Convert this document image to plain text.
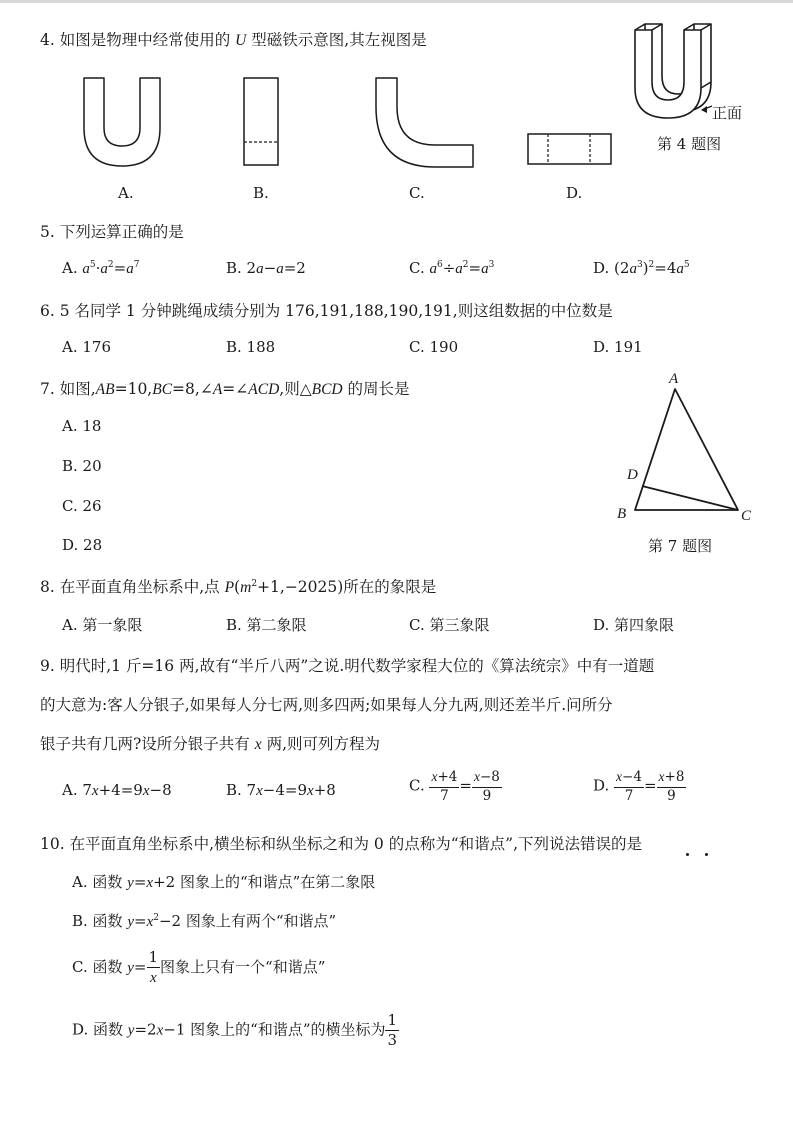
4. 如图是物理中经常使用的 U 型磁铁示意图,其左视图是
正面
第 4 题图
A.	B.	C.	D.
5. 下列运算正确的是
A. $a^5\cdot a^2=a^7$	B. 2a−a=2	C. $a^6\div a^2=a^3$	D. $(2a^3)^2=4a^5$
6. 5 名同学 1 分钟跳绳成绩分别为 176,191,188,190,191,则这组数据的中位数是
A. 176	B. 188	C. 190	D. 191
7. 如图,AB=10,BC=8,∠A=∠ACD,则△BCD 的周长是
A. 18
B. 20
C. 26
D. 28
A
D
B	C
第 7 题图
8. 在平面直角坐标系中,点 $P(m^2+1,-2025)$所在的象限是
A. 第一象限	B. 第二象限	C. 第三象限	D. 第四象限
9. 明代时,1 斤=16 两,故有“半斤八两”之说.明代数学家程大位的《算法统宗》中有一道题
的大意为:客人分银子,如果每人分七两,则多四两;如果每人分九两,则还差半斤.问所分
银子共有几两?设所分银子共有 x 两,则可列方程为
A. 7x+4=9x−8	B. 7x−4=9x+8	C. $\frac{x+4}{7} = \frac{x-8}{9}$	D. $\frac{x-4}{7} = \frac{x+8}{9}$
10. 在平面直角坐标系中,横坐标和纵坐标之和为 0 的点称为“和谐点”,下列说法错误的是
A. 函数 y=x+2 图象上的“和谐点”在第二象限
B. 函数 $y=x^2-2$ 图象上有两个“和谐点”
C. 函数 $y= \frac{1}{x}$ 图象上只有一个“和谐点”
D. 函数 y=2x−1 图象上的“和谐点”的横坐标为 $\frac{1}{3}$
